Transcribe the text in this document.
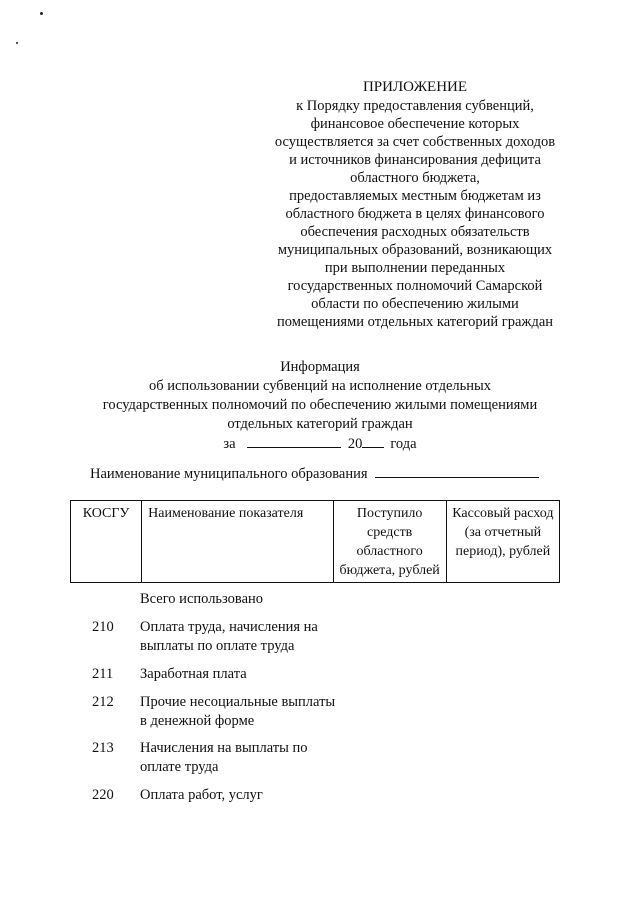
ПРИЛОЖЕНИЕ
к Порядку предоставления субвенций,
финансовое обеспечение которых
осуществляется за счет собственных доходов
и источников финансирования дефицита
областного бюджета,
предоставляемых местным бюджетам из
областного бюджета в целях финансового
обеспечения расходных обязательств
муниципальных образований, возникающих
при выполнении переданных
государственных полномочий Самарской
области по обеспечению жилыми
помещениями отдельных категорий граждан
Информация
об использовании субвенций на исполнение отдельных
государственных полномочий по обеспечению жилыми помещениями
отдельных категорий граждан
за	20 года
Наименование муниципального образования
КОСГУ	Наименование показателя	Поступило средств областного бюджета, рублей	Кассовый расход (за отчетный период), рублей
Всего использовано
210	Оплата труда, начисления на выплаты по оплате труда
211	Заработная плата
212	Прочие несоциальные выплаты в денежной форме
213	Начисления на выплаты по оплате труда
220	Оплата работ, услуг
